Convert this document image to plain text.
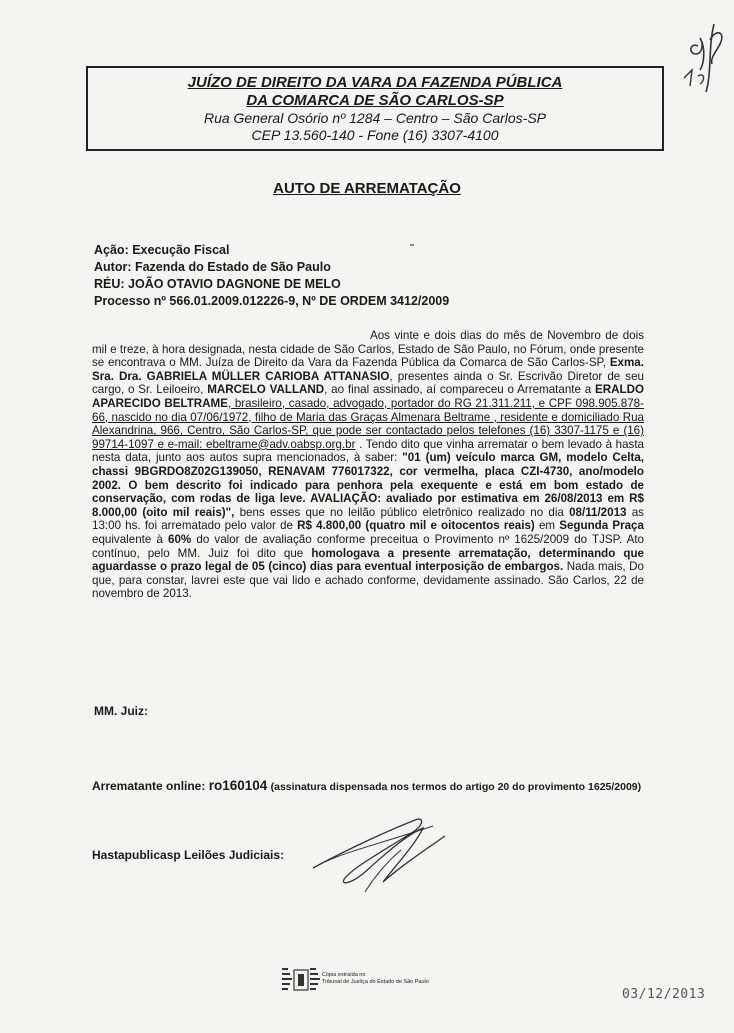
JUÍZO DE DIREITO DA VARA DA FAZENDA PÚBLICA

DA COMARCA DE SÃO CARLOS-SP

Rua General Osório nº 1284 – Centro – São Carlos-SP

CEP 13.560-140 - Fone (16) 3307-4100

AUTO DE ARREMATAÇÃO

Ação: Execução Fiscal

Autor: Fazenda do Estado de São Paulo

RÉU: JOÃO OTAVIO DAGNONE DE MELO

Processo nº 566.01.2009.012226-9, Nº DE ORDEM 3412/2009

Aos vinte e dois dias do mês de Novembro de dois mil e treze, à hora designada, nesta cidade de São Carlos, Estado de São Paulo, no Fórum, onde presente se encontrava o MM. Juíza de Direito da Vara da Fazenda Pública da Comarca de São Carlos-SP, Exma. Sra. Dra. GABRIELA MÜLLER CARIOBA ATTANASIO, presentes ainda o Sr. Escrivão Diretor de seu cargo, o Sr. Leiloeiro, MARCELO VALLAND, ao final assinado, aí compareceu o Arrematante a ERALDO APARECIDO BELTRAME, brasileiro, casado, advogado, portador do RG 21.311.211, e CPF 098.905.878-66, nascido no dia 07/06/1972, filho de Maria das Graças Almenara Beltrame , residente e domiciliado Rua Alexandrina, 966, Centro, São Carlos-SP, que pode ser contactado pelos telefones (16) 3307-1175 e (16) 99714-1097 e e-mail: ebeltrame@adv.oabsp.org.br . Tendo dito que vinha arrematar o bem levado à hasta nesta data, junto aos autos supra mencionados, à saber: "01 (um) veículo marca GM, modelo Celta, chassi 9BGRDO8Z02G139050, RENAVAM 776017322, cor vermelha, placa CZI-4730, ano/modelo 2002. O bem descrito foi indicado para penhora pela exequente e está em bom estado de conservação, com rodas de liga leve. AVALIAÇÃO: avaliado por estimativa em 26/08/2013 em R$ 8.000,00 (oito mil reais)", bens esses que no leilão público eletrônico realizado no dia 08/11/2013 as 13:00 hs. foi arrematado pelo valor de R$ 4.800,00 (quatro mil e oitocentos reais) em Segunda Praça equivalente à 60% do valor de avaliação conforme preceitua o Provimento nº 1625/2009 do TJSP. Ato contínuo, pelo MM. Juiz foi dito que homologava a presente arrematação, determinando que aguardasse o prazo legal de 05 (cinco) dias para eventual interposição de embargos. Nada mais, Do que, para constar, lavrei este que vai lido e achado conforme, devidamente assinado. São Carlos, 22 de novembro de 2013.

MM. Juiz:

Arrematante online: ro160104 (assinatura dispensada nos termos do artigo 20 do provimento 1625/2009)

Hastapublicasp Leilões Judiciais:

Cópia extraída no
Tribunal de Justiça do Estado de São Paulo

03/12/2013
